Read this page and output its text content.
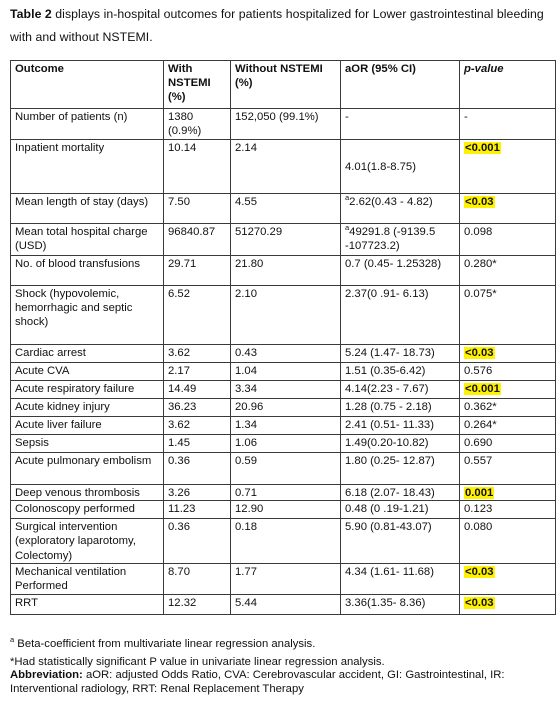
Table 2 displays in-hospital outcomes for patients hospitalized for Lower gastrointestinal bleeding with and without NSTEMI.
Outcome	With NSTEMI (%)	Without NSTEMI (%)	aOR (95% CI)	p-value
Number of patients (n)	1380 (0.9%)	152,050 (99.1%)	-	-
Inpatient mortality	10.14	2.14	4.01(1.8-8.75)	<0.001
Mean length of stay (days)	7.50	4.55	$^a$2.62(0.43 - 4.82)	<0.03
Mean total hospital charge (USD)	96840.87	51270.29	$^a$49291.8 (-9139.5 -107723.2)	0.098
No. of blood transfusions	29.71	21.80	0.7 (0.45- 1.25328)	0.280*
Shock (hypovolemic, hemorrhagic and septic shock)	6.52	2.10	2.37(0 .91- 6.13)	0.075*
Cardiac arrest	3.62	0.43	5.24 (1.47- 18.73)	<0.03
Acute CVA	2.17	1.04	1.51 (0.35-6.42)	0.576
Acute respiratory failure	14.49	3.34	4.14(2.23 - 7.67)	<0.001
Acute kidney injury	36.23	20.96	1.28 (0.75 - 2.18)	0.362*
Acute liver failure	3.62	1.34	2.41 (0.51- 11.33)	0.264*
Sepsis	1.45	1.06	1.49(0.20-10.82)	0.690
Acute pulmonary embolism	0.36	0.59	1.80 (0.25- 12.87)	0.557
Deep venous thrombosis	3.26	0.71	6.18 (2.07- 18.43)	0.001
Colonoscopy performed	11.23	12.90	0.48 (0 .19-1.21)	0.123
Surgical intervention (exploratory laparotomy, Colectomy)	0.36	0.18	5.90 (0.81-43.07)	0.080
Mechanical ventilation Performed	8.70	1.77	4.34 (1.61- 11.68)	<0.03
RRT	12.32	5.44	3.36(1.35- 8.36)	<0.03

$^a$ Beta-coefficient from multivariate linear regression analysis.

*Had statistically significant P value in univariate linear regression analysis.

Abbreviation: aOR: adjusted Odds Ratio, CVA: Cerebrovascular accident, GI: Gastrointestinal, IR: Interventional radiology, RRT: Renal Replacement Therapy
